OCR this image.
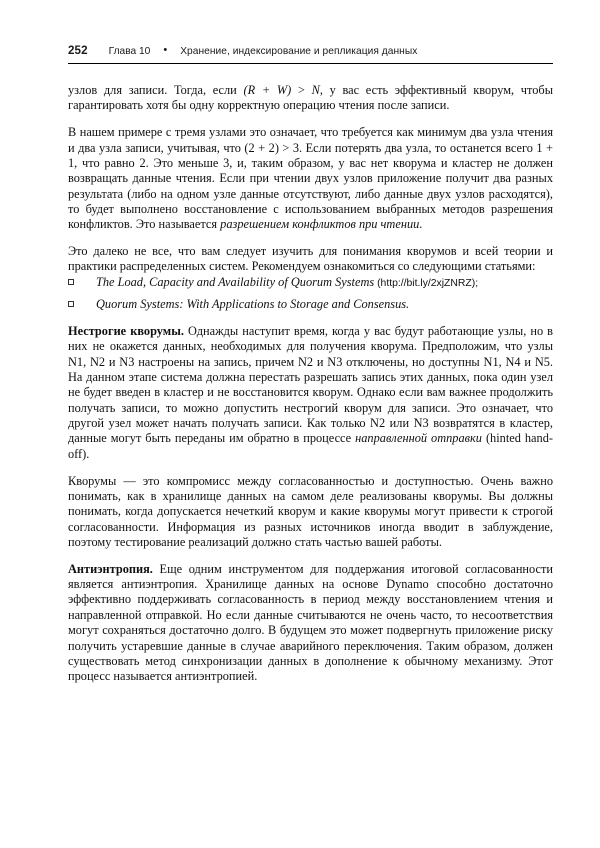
252 Глава 10 • Хранение, индексирование и репликация данных

узлов для записи. Тогда, если (R + W) > N, у вас есть эффективный кворум, чтобы гарантировать хотя бы одну корректную операцию чтения после записи.

В нашем примере с тремя узлами это означает, что требуется как минимум два узла чтения и два узла записи, учитывая, что (2 + 2) > 3. Если потерять два узла, то останется всего 1 + 1, что равно 2. Это меньше 3, и, таким образом, у вас нет кворума и кластер не должен возвращать данные чтения. Если при чтении двух узлов приложение получит два разных результата (либо на одном узле данные отсутствуют, либо данные двух узлов расходятся), то будет выполнено восстановление с использованием выбранных методов разрешения конфликтов. Это называется разрешением конфликтов при чтении.

Это далеко не все, что вам следует изучить для понимания кворумов и всей теории и практики распределенных систем. Рекомендуем ознакомиться со следующими статьями:

The Load, Capacity and Availability of Quorum Systems (http://bit.ly/2xjZNRZ);
Quorum Systems: With Applications to Storage and Consensus.

Нестрогие кворумы. Однажды наступит время, когда у вас будут работающие узлы, но в них не окажется данных, необходимых для получения кворума. Предположим, что узлы N1, N2 и N3 настроены на запись, причем N2 и N3 отключены, но доступны N1, N4 и N5. На данном этапе система должна перестать разрешать запись этих данных, пока один узел не будет введен в кластер и не восстановится кворум. Однако если вам важнее продолжить получать записи, то можно допустить нестрогий кворум для записи. Это означает, что другой узел может начать получать записи. Как только N2 или N3 возвратятся в кластер, данные могут быть переданы им обратно в процессе направленной отправки (hinted hand-off).

Кворумы — это компромисс между согласованностью и доступностью. Очень важно понимать, как в хранилище данных на самом деле реализованы кворумы. Вы должны понимать, когда допускается нечеткий кворум и какие кворумы могут привести к строгой согласованности. Информация из разных источников иногда вводит в заблуждение, поэтому тестирование реализаций должно стать частью вашей работы.

Антиэнтропия. Еще одним инструментом для поддержания итоговой согласованности является антиэнтропия. Хранилище данных на основе Dynamo способно достаточно эффективно поддерживать согласованность в период между восстановлением чтения и направленной отправкой. Но если данные считываются не очень часто, то несоответствия могут сохраняться достаточно долго. В будущем это может подвергнуть приложение риску получить устаревшие данные в случае аварийного переключения. Таким образом, должен существовать метод синхронизации данных в дополнение к обычному механизму. Этот процесс называется антиэнтропией.
